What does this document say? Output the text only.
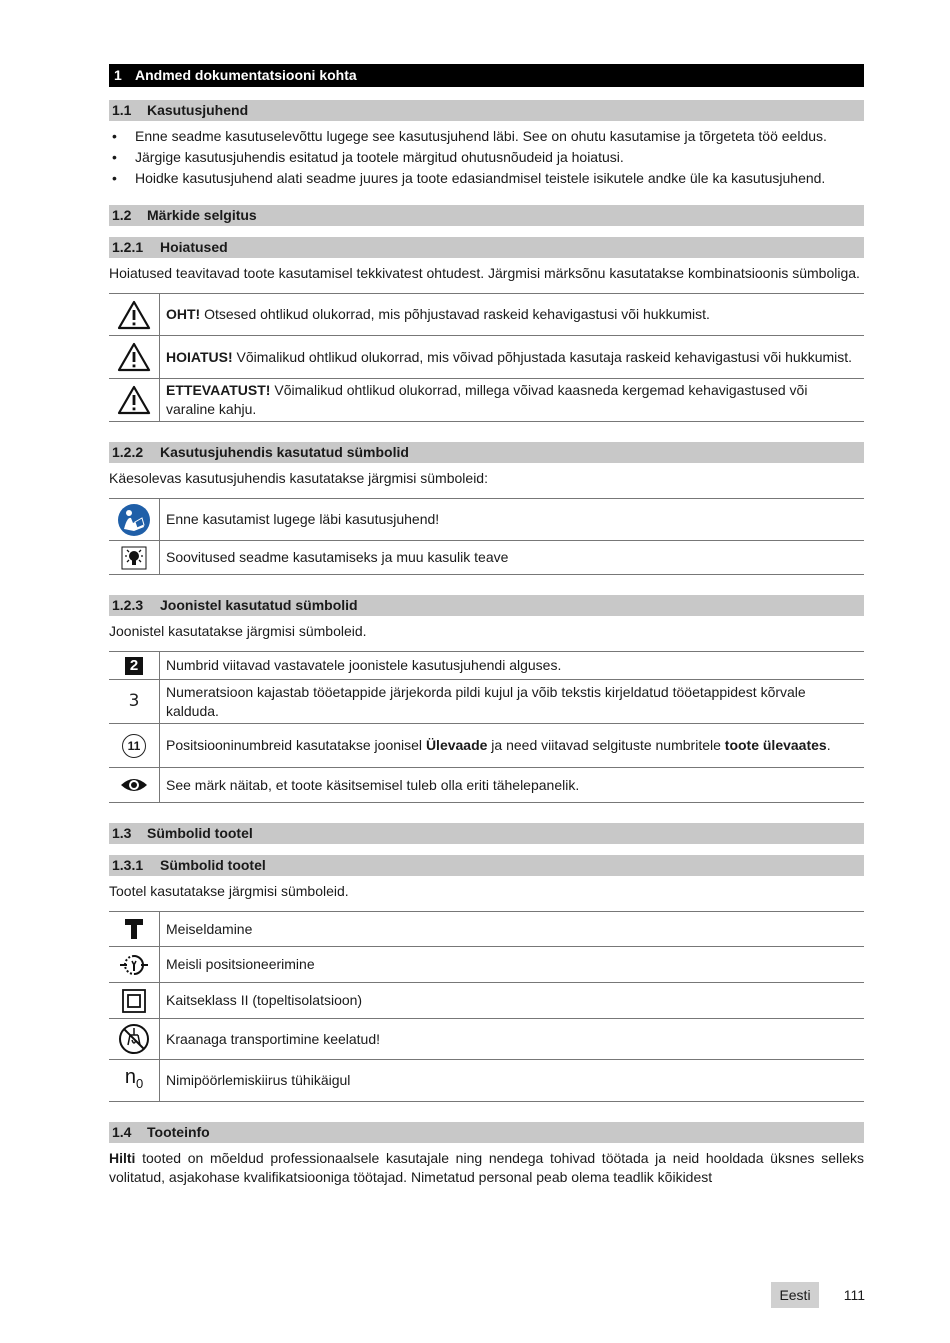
1 Andmed dokumentatsiooni kohta
1.1 Kasutusjuhend
• Enne seadme kasutuselevõttu lugege see kasutusjuhend läbi. See on ohutu kasutamise ja tõrgeteta töö eeldus.
• Järgige kasutusjuhendis esitatud ja tootele märgitud ohutusnõudeid ja hoiatusi.
• Hoidke kasutusjuhend alati seadme juures ja toote edasiandmisel teistele isikutele andke üle ka kasutusjuhend.
1.2 Märkide selgitus
1.2.1 Hoiatused

Hoiatused teavitavad toote kasutamisel tekkivatest ohtudest. Järgmisi märksõnu kasutatakse kombinatsioonis sümboliga.

	OHT! Otsesed ohtlikud olukorrad, mis põhjustavad raskeid kehavigastusi või hukkumist.

	HOIATUS! Võimalikud ohtlikud olukorrad, mis võivad põhjustada kasutaja raskeid kehavigastusi või hukkumist.

	ETTEVAATUST! Võimalikud ohtlikud olukorrad, millega võivad kaasneda kergemad kehavigastused või varaline kahju.
1.2.2 Kasutusjuhendis kasutatud sümbolid

Käesolevas kasutusjuhendis kasutatakse järgmisi sümboleid:

	Enne kasutamist lugege läbi kasutusjuhend!

	Soovitused seadme kasutamiseks ja muu kasulik teave
1.2.3 Joonistel kasutatud sümbolid

Joonistel kasutatakse järgmisi sümboleid.

2	Numbrid viitavad vastavatele joonistele kasutusjuhendi alguses.
3	Numeratsioon kajastab tööetappide järjekorda pildi kujul ja võib tekstis kirjeldatud tööetappidest kõrvale kalduda.
11	Positsiooninumbreid kasutatakse joonisel Ülevaade ja need viitavad selgituste numbritele toote ülevaates.

	See märk näitab, et toote käsitsemisel tuleb olla eriti tähelepanelik.
1.3 Sümbolid tootel
1.3.1 Sümbolid tootel

Tootel kasutatakse järgmisi sümboleid.

	Meiseldamine

	Meisli positsioneerimine

	Kaitseklass II (topeltisolatsioon)

	Kraanaga transportimine keelatud!
n0	Nimipöörlemiskiirus tühikäigul
1.4 Tooteinfo

Hilti tooted on mõeldud professionaalsele kasutajale ning nendega tohivad töötada ja neid hooldada üksnes selleks volitatud, asjakohase kvalifikatsiooniga töötajad. Nimetatud personal peab olema teadlik kõikidest

Eesti	111
